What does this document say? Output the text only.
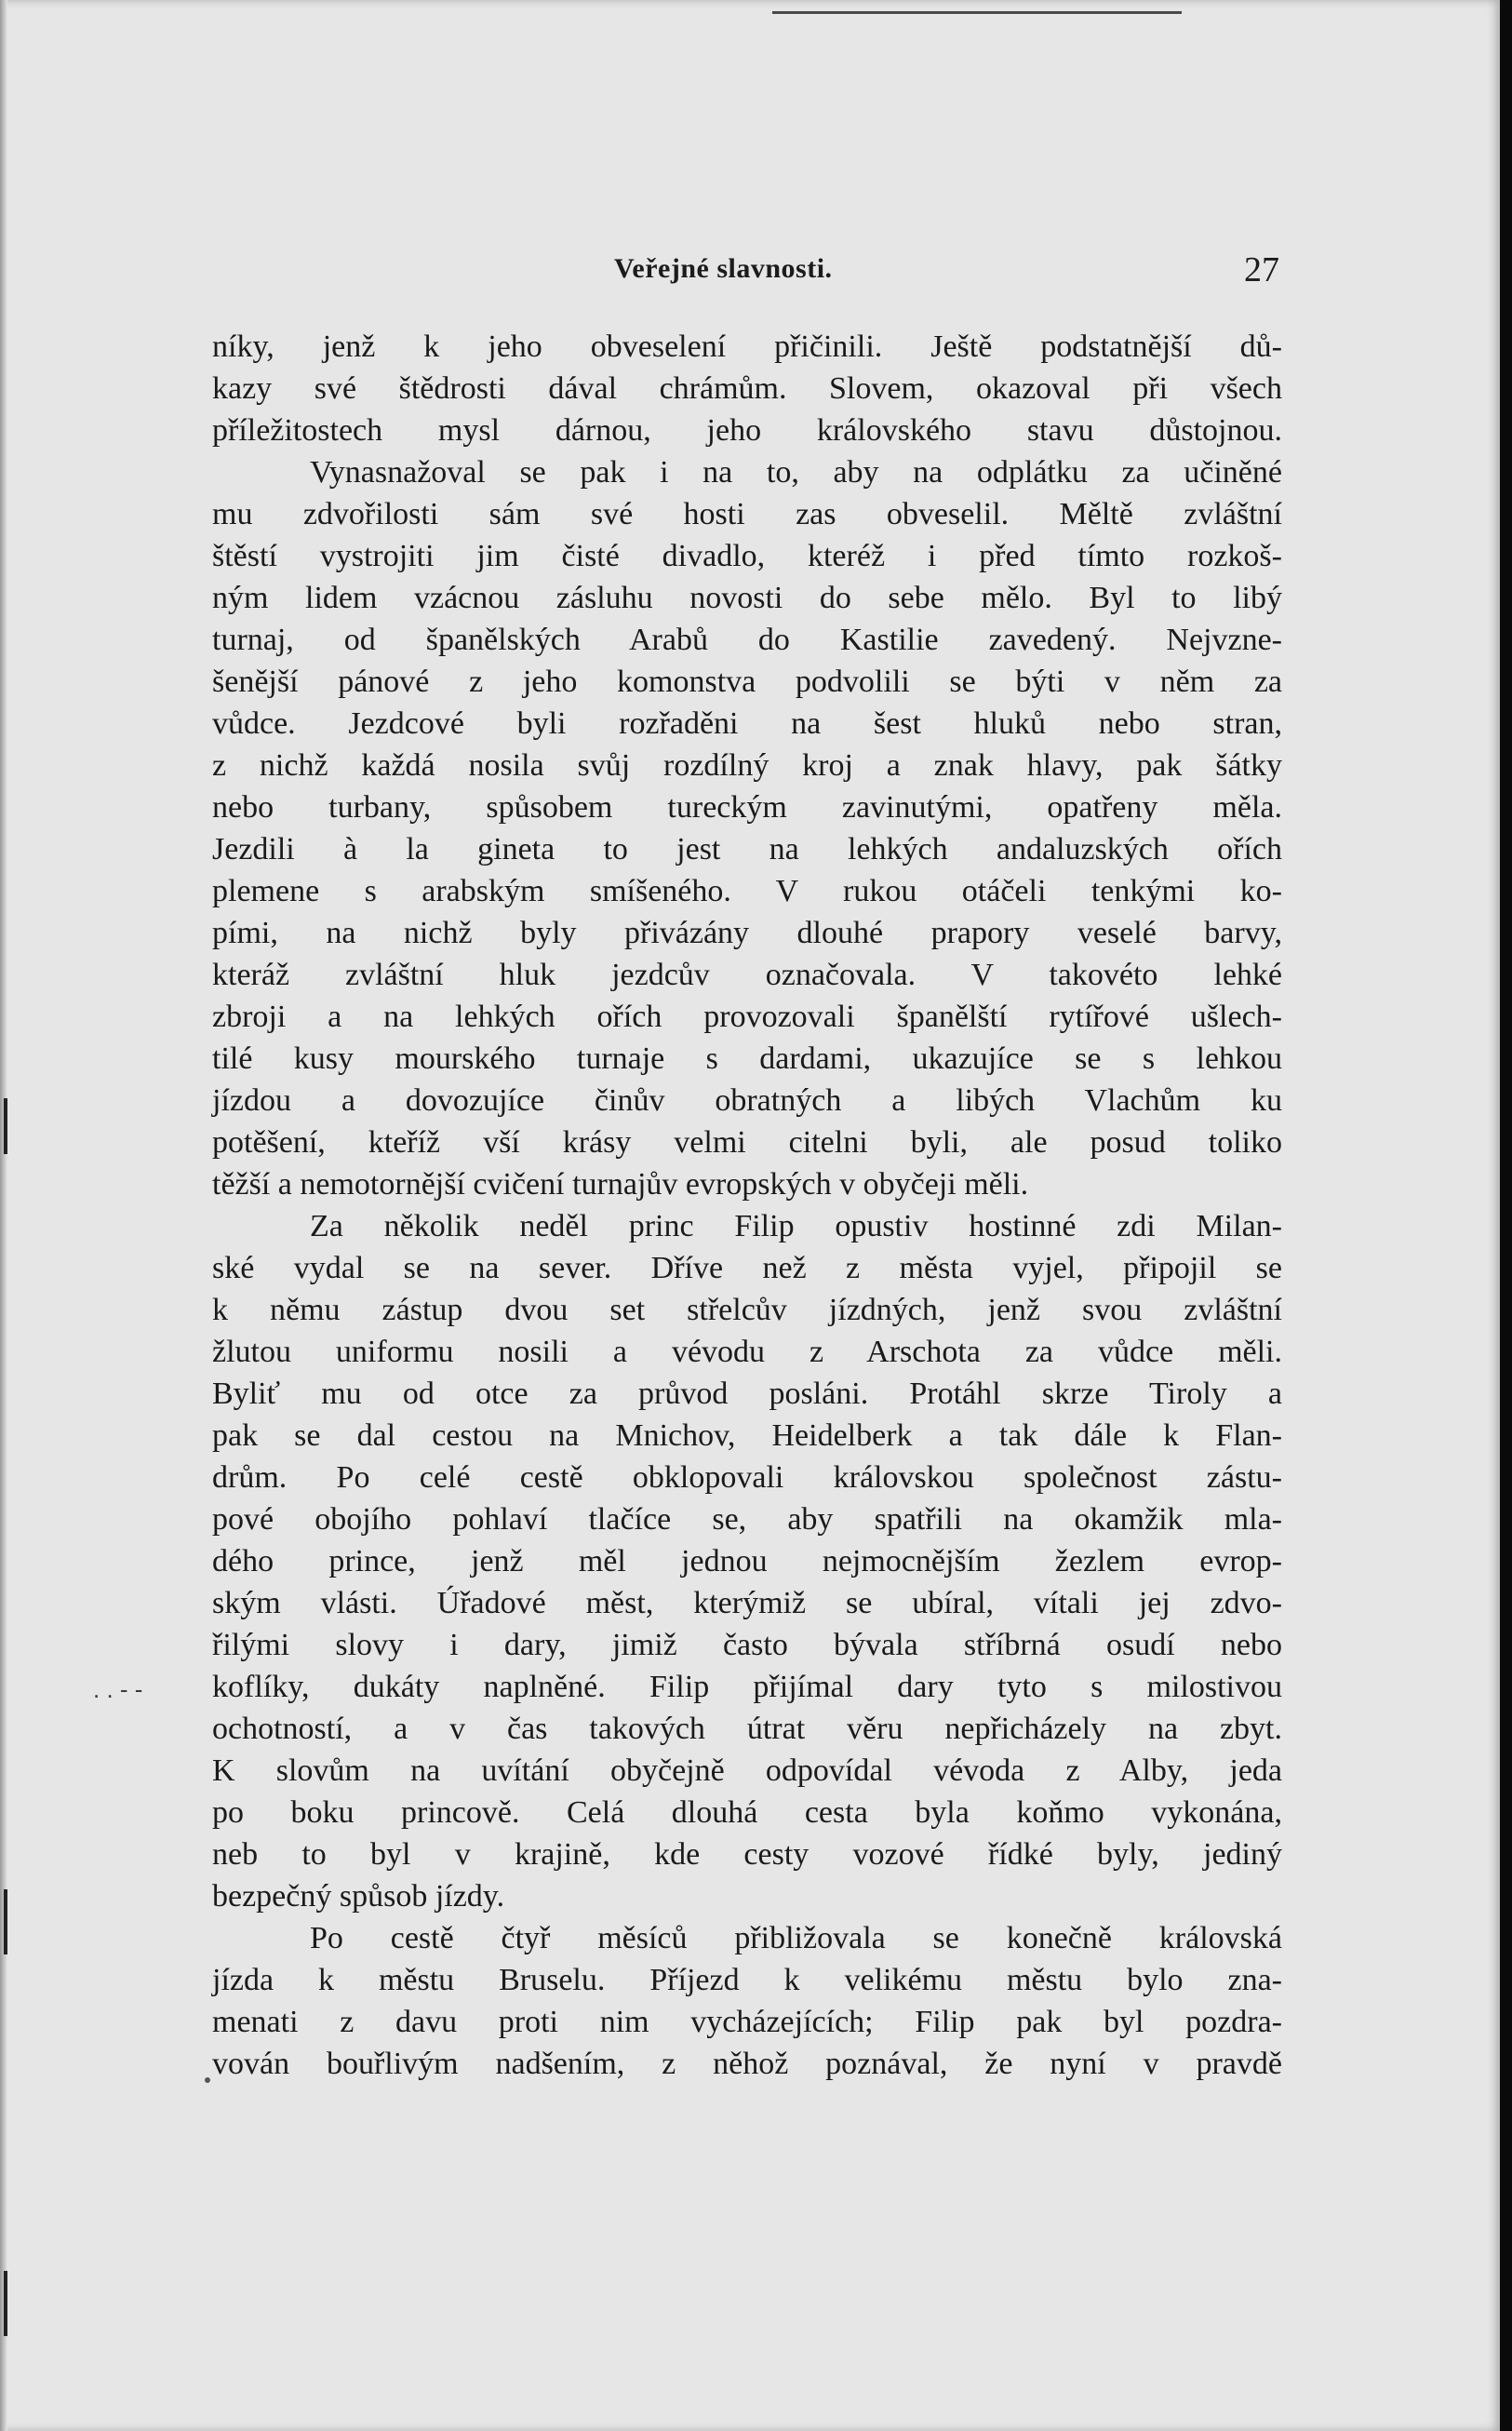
Veřejné slavnosti.	27
. . - -
níky, jenž k jeho obveselení přičinili. Ještě podstatnější dů-
kazy své štědrosti dával chrámům. Slovem, okazoval při všech
příležitostech mysl dárnou, jeho královského stavu důstojnou.
Vynasnažoval se pak i na to, aby na odplátku za učiněné
mu zdvořilosti sám své hosti zas obveselil. Měltě zvláštní
štěstí vystrojiti jim čisté divadlo, kteréž i před tímto rozkoš-
ným lidem vzácnou zásluhu novosti do sebe mělo. Byl to libý
turnaj, od španělských Arabů do Kastilie zavedený. Nejvzne-
šenější pánové z jeho komonstva podvolili se býti v něm za
vůdce. Jezdcové byli rozřaděni na šest hluků nebo stran,
z nichž každá nosila svůj rozdílný kroj a znak hlavy, pak šátky
nebo turbany, spůsobem tureckým zavinutými, opatřeny měla.
Jezdili à la gineta to jest na lehkých andaluzských ořích
plemene s arabským smíšeného. V rukou otáčeli tenkými ko-
pími, na nichž byly přivázány dlouhé prapory veselé barvy,
kteráž zvláštní hluk jezdcův označovala. V takovéto lehké
zbroji a na lehkých ořích provozovali španělští rytířové ušlech-
tilé kusy mourského turnaje s dardami, ukazujíce se s lehkou
jízdou a dovozujíce činův obratných a libých Vlachům ku
potěšení, kteříž vší krásy velmi citelni byli, ale posud toliko
těžší a nemotornější cvičení turnajův evropských v obyčeji měli.
Za několik neděl princ Filip opustiv hostinné zdi Milan-
ské vydal se na sever. Dříve než z města vyjel, připojil se
k němu zástup dvou set střelcův jízdných, jenž svou zvláštní
žlutou uniformu nosili a vévodu z Arschota za vůdce měli.
Byliť mu od otce za průvod posláni. Protáhl skrze Tiroly a
pak se dal cestou na Mnichov, Heidelberk a tak dále k Flan-
drům. Po celé cestě obklopovali královskou společnost zástu-
pové obojího pohlaví tlačíce se, aby spatřili na okamžik mla-
dého prince, jenž měl jednou nejmocnějším žezlem evrop-
ským vlásti. Úřadové měst, kterýmiž se ubíral, vítali jej zdvo-
řilými slovy i dary, jimiž často bývala stříbrná osudí nebo
koflíky, dukáty naplněné. Filip přijímal dary tyto s milostivou
ochotností, a v čas takových útrat věru nepřicházely na zbyt.
K slovům na uvítání obyčejně odpovídal vévoda z Alby, jeda
po boku princově. Celá dlouhá cesta byla koňmo vykonána,
neb to byl v krajině, kde cesty vozové řídké byly, jediný
bezpečný spůsob jízdy.
Po cestě čtyř měsíců přibližovala se konečně královská
jízda k městu Bruselu. Příjezd k velikému městu bylo zna-
menati z davu proti nim vycházejících; Filip pak byl pozdra-
vován bouřlivým nadšením, z něhož poznával, že nyní v pravdě
